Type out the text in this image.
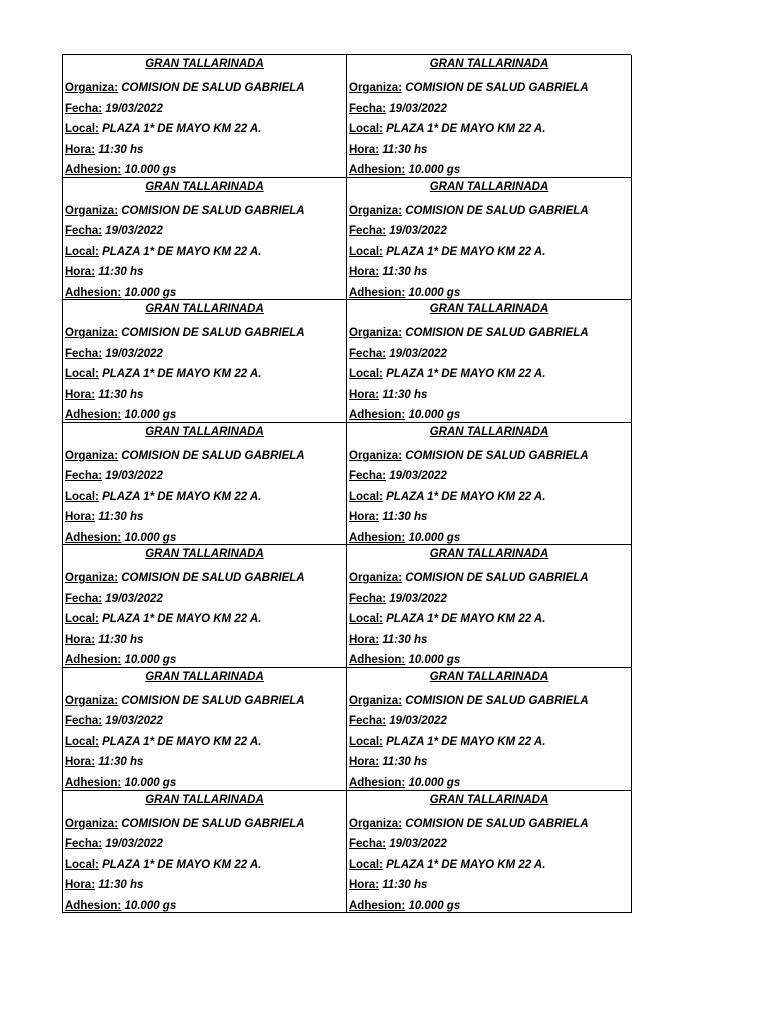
GRAN TALLARINADA
Organiza: COMISION DE SALUD GABRIELA
Fecha: 19/03/2022
Local: PLAZA 1* DE MAYO KM 22 A.
Hora: 11:30 hs
Adhesion: 10.000 gs
GRAN TALLARINADA
Organiza: COMISION DE SALUD GABRIELA
Fecha: 19/03/2022
Local: PLAZA 1* DE MAYO KM 22 A.
Hora: 11:30 hs
Adhesion: 10.000 gs
GRAN TALLARINADA
Organiza: COMISION DE SALUD GABRIELA
Fecha: 19/03/2022
Local: PLAZA 1* DE MAYO KM 22 A.
Hora: 11:30 hs
Adhesion: 10.000 gs
GRAN TALLARINADA
Organiza: COMISION DE SALUD GABRIELA
Fecha: 19/03/2022
Local: PLAZA 1* DE MAYO KM 22 A.
Hora: 11:30 hs
Adhesion: 10.000 gs
GRAN TALLARINADA
Organiza: COMISION DE SALUD GABRIELA
Fecha: 19/03/2022
Local: PLAZA 1* DE MAYO KM 22 A.
Hora: 11:30 hs
Adhesion: 10.000 gs
GRAN TALLARINADA
Organiza: COMISION DE SALUD GABRIELA
Fecha: 19/03/2022
Local: PLAZA 1* DE MAYO KM 22 A.
Hora: 11:30 hs
Adhesion: 10.000 gs
GRAN TALLARINADA
Organiza: COMISION DE SALUD GABRIELA
Fecha: 19/03/2022
Local: PLAZA 1* DE MAYO KM 22 A.
Hora: 11:30 hs
Adhesion: 10.000 gs
GRAN TALLARINADA
Organiza: COMISION DE SALUD GABRIELA
Fecha: 19/03/2022
Local: PLAZA 1* DE MAYO KM 22 A.
Hora: 11:30 hs
Adhesion: 10.000 gs
GRAN TALLARINADA
Organiza: COMISION DE SALUD GABRIELA
Fecha: 19/03/2022
Local: PLAZA 1* DE MAYO KM 22 A.
Hora: 11:30 hs
Adhesion: 10.000 gs
GRAN TALLARINADA
Organiza: COMISION DE SALUD GABRIELA
Fecha: 19/03/2022
Local: PLAZA 1* DE MAYO KM 22 A.
Hora: 11:30 hs
Adhesion: 10.000 gs
GRAN TALLARINADA
Organiza: COMISION DE SALUD GABRIELA
Fecha: 19/03/2022
Local: PLAZA 1* DE MAYO KM 22 A.
Hora: 11:30 hs
Adhesion: 10.000 gs
GRAN TALLARINADA
Organiza: COMISION DE SALUD GABRIELA
Fecha: 19/03/2022
Local: PLAZA 1* DE MAYO KM 22 A.
Hora: 11:30 hs
Adhesion: 10.000 gs
GRAN TALLARINADA
Organiza: COMISION DE SALUD GABRIELA
Fecha: 19/03/2022
Local: PLAZA 1* DE MAYO KM 22 A.
Hora: 11:30 hs
Adhesion: 10.000 gs
GRAN TALLARINADA
Organiza: COMISION DE SALUD GABRIELA
Fecha: 19/03/2022
Local: PLAZA 1* DE MAYO KM 22 A.
Hora: 11:30 hs
Adhesion: 10.000 gs
